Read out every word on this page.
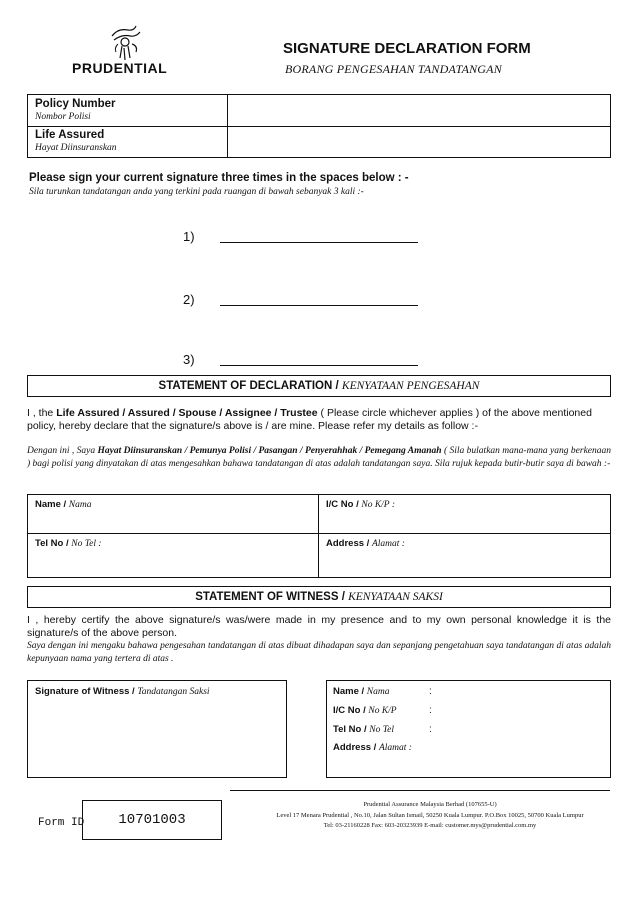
PRUDENTIAL
SIGNATURE DECLARATION FORM
BORANG PENGESAHAN TANDATANGAN
Policy Number
Nombor Polisi
Life Assured
Hayat Diinsuranskan
Please sign your current signature three times in the spaces below : -
Sila turunkan tandatangan anda yang terkini pada ruangan di bawah sebanyak 3 kali :-
1)
2)
3)
STATEMENT OF DECLARATION / KENYATAAN PENGESAHAN
I , the Life Assured / Assured / Spouse / Assignee / Trustee ( Please circle whichever applies ) of the above mentioned policy, hereby declare that the signature/s above is / are mine. Please refer my details as follow :-
Dengan ini , Saya Hayat Diinsuranskan / Pemunya Polisi / Pasangan / Penyerahhak / Pemegang Amanah ( Sila bulatkan mana-mana yang berkenaan ) bagi polisi yang dinyatakan di atas mengesahkan bahawa tandatangan di atas adalah tandatangan saya. Sila rujuk kepada butir-butir saya di bawah :-
Name / Nama	I/C No / No K/P :
Tel No / No Tel :	Address / Alamat :
STATEMENT OF WITNESS / KENYATAAN SAKSI
I , hereby certify the above signature/s was/were made in my presence and to my own personal knowledge it is the signature/s of the above person.
Saya dengan ini mengaku bahawa pengesahan tandatangan di atas dibuat dihadapan saya dan sepanjang pengetahuan saya tandatangan di atas adalah kepunyaan nama yang tertera di atas .
Signature of Witness / Tandatangan Saksi	Name / Nama	:
I/C No / No K/P	:
Tel No / No Tel	:
Address / Alamat :
Form ID	10701003
Prudential Assurance Malaysia Berhad (107655-U)
Level 17 Menara Prudential , No.10, Jalan Sultan Ismail, 50250 Kuala Lumpur. P.O.Box 10025, 50700 Kuala Lumpur
Tel: 03-21160228 Fax: 603-20323939 E-mail: customer.mys@prudential.com.my
